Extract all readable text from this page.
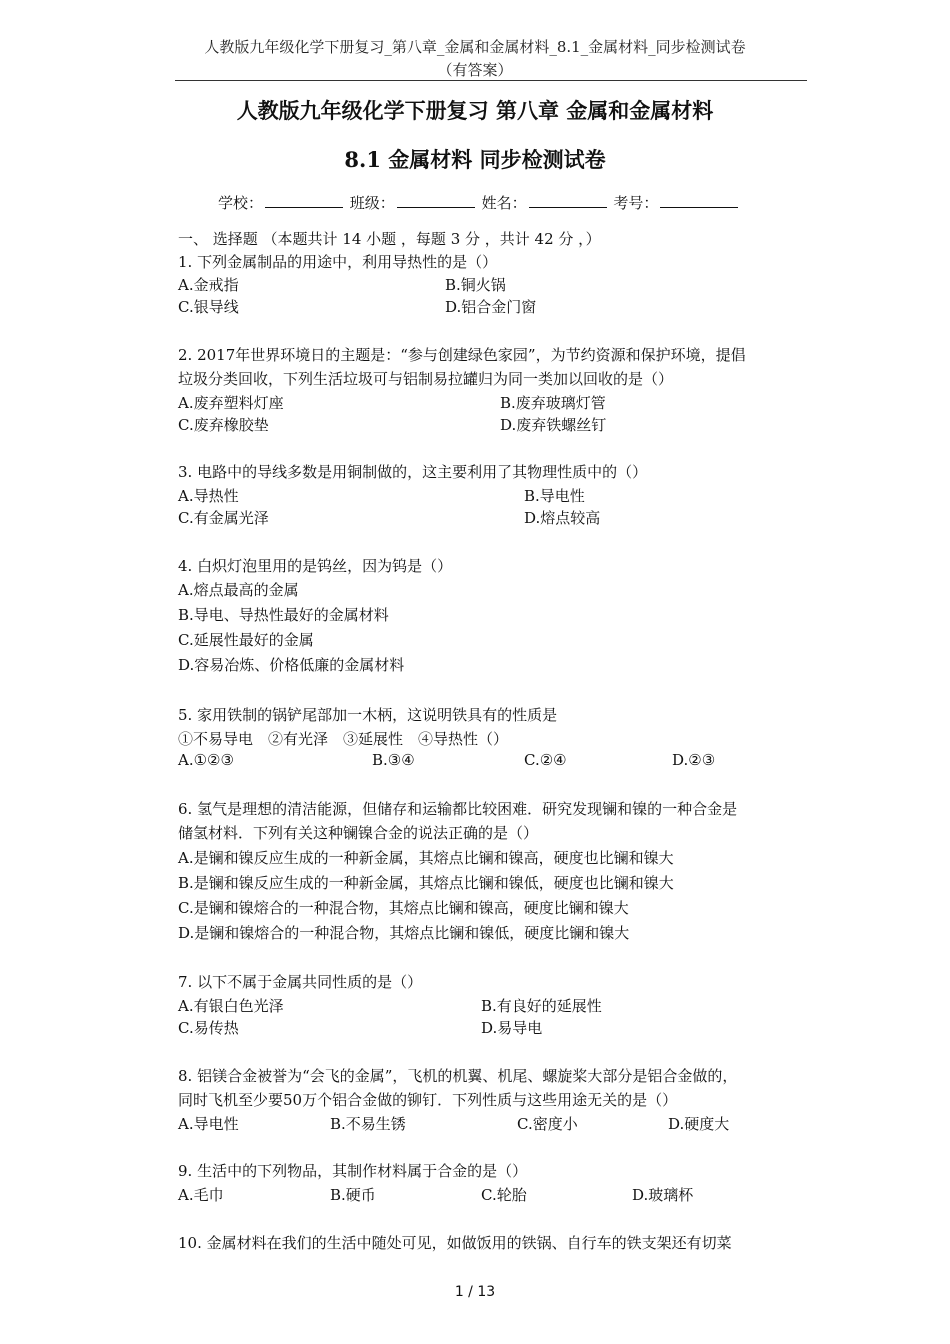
人教版九年级化学下册复习_第八章_金属和金属材料_8.1_金属材料_同步检测试卷
（有答案）
人教版九年级化学下册复习 第八章 金属和金属材料
8.1 金属材料 同步检测试卷
学校：	班级：	姓名：	考号：
一、 选择题 （本题共计 14 小题 ，每题 3 分 ，共计 42 分 ，）
1. 下列金属制品的用途中，利用导热性的是（）
A.金戒指	B.铜火锅
C.银导线	D.铝合金门窗
2. 2017年世界环境日的主题是：“参与创建绿色家园”，为节约资源和保护环境，提倡
垃圾分类回收，下列生活垃圾可与铝制易拉罐归为同一类加以回收的是（）
A.废弃塑料灯座	B.废弃玻璃灯管
C.废弃橡胶垫	D.废弃铁螺丝钉
3. 电路中的导线多数是用铜制做的，这主要利用了其物理性质中的（）
A.导热性	B.导电性
C.有金属光泽	D.熔点较高
4. 白炽灯泡里用的是钨丝，因为钨是（）
A.熔点最高的金属
B.导电、导热性最好的金属材料
C.延展性最好的金属
D.容易冶炼、价格低廉的金属材料
5. 家用铁制的锅铲尾部加一木柄，这说明铁具有的性质是
①不易导电　②有光泽　③延展性　④导热性（）
A.①②③	B.③④	C.②④	D.②③
6. 氢气是理想的清洁能源，但储存和运输都比较困难．研究发现镧和镍的一种合金是
储氢材料．下列有关这种镧镍合金的说法正确的是（）
A.是镧和镍反应生成的一种新金属，其熔点比镧和镍高，硬度也比镧和镍大
B.是镧和镍反应生成的一种新金属，其熔点比镧和镍低，硬度也比镧和镍大
C.是镧和镍熔合的一种混合物，其熔点比镧和镍高，硬度比镧和镍大
D.是镧和镍熔合的一种混合物，其熔点比镧和镍低，硬度比镧和镍大
7. 以下不属于金属共同性质的是（）
A.有银白色光泽	B.有良好的延展性
C.易传热	D.易导电
8. 铝镁合金被誉为“会飞的金属”，飞机的机翼、机尾、螺旋桨大部分是铝合金做的，
同时飞机至少要50万个铝合金做的铆钉．下列性质与这些用途无关的是（）
A.导电性	B.不易生锈	C.密度小	D.硬度大
9. 生活中的下列物品，其制作材料属于合金的是（）
A.毛巾	B.硬币	C.轮胎	D.玻璃杯
10. 金属材料在我们的生活中随处可见，如做饭用的铁锅、自行车的铁支架还有切菜
1 / 13
